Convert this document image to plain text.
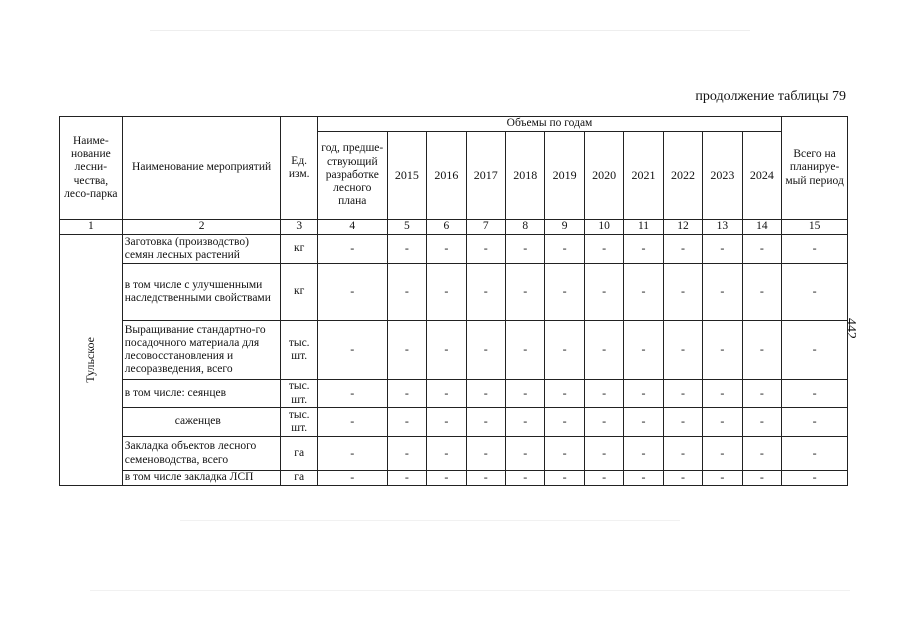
продолжение таблицы 79
442
Наиме-нование лесни-чества, лесо-парка	Наименование мероприятий	Ед. изм.	Объемы по годам											Всего на планируе-мый период
			год, предше-ствующий разработке лесного плана	2015	2016	2017	2018	2019	2020	2021	2022	2023	2024	
1	2	3	4	5	6	7	8	9	10	11	12	13	14	15
Тульское	Заготовка (производство) семян лесных растений	кг	-	-	-	-	-	-	-	-	-	-	-	-
	в том числе с улучшенными наследственными свойствами	кг	-	-	-	-	-	-	-	-	-	-	-	-
	Выращивание стандартно-го посадочного материала для лесовосстановления и лесоразведения, всего	тыс. шт.	-	-	-	-	-	-	-	-	-	-	-	-
	в том числе: сеянцев	тыс. шт.	-	-	-	-	-	-	-	-	-	-	-	-
	саженцев	тыс. шт.	-	-	-	-	-	-	-	-	-	-	-	-
	Закладка объектов лесного семеноводства, всего	га	-	-	-	-	-	-	-	-	-	-	-	-
	в том числе закладка ЛСП	га	-	-	-	-	-	-	-	-	-	-	-	-
